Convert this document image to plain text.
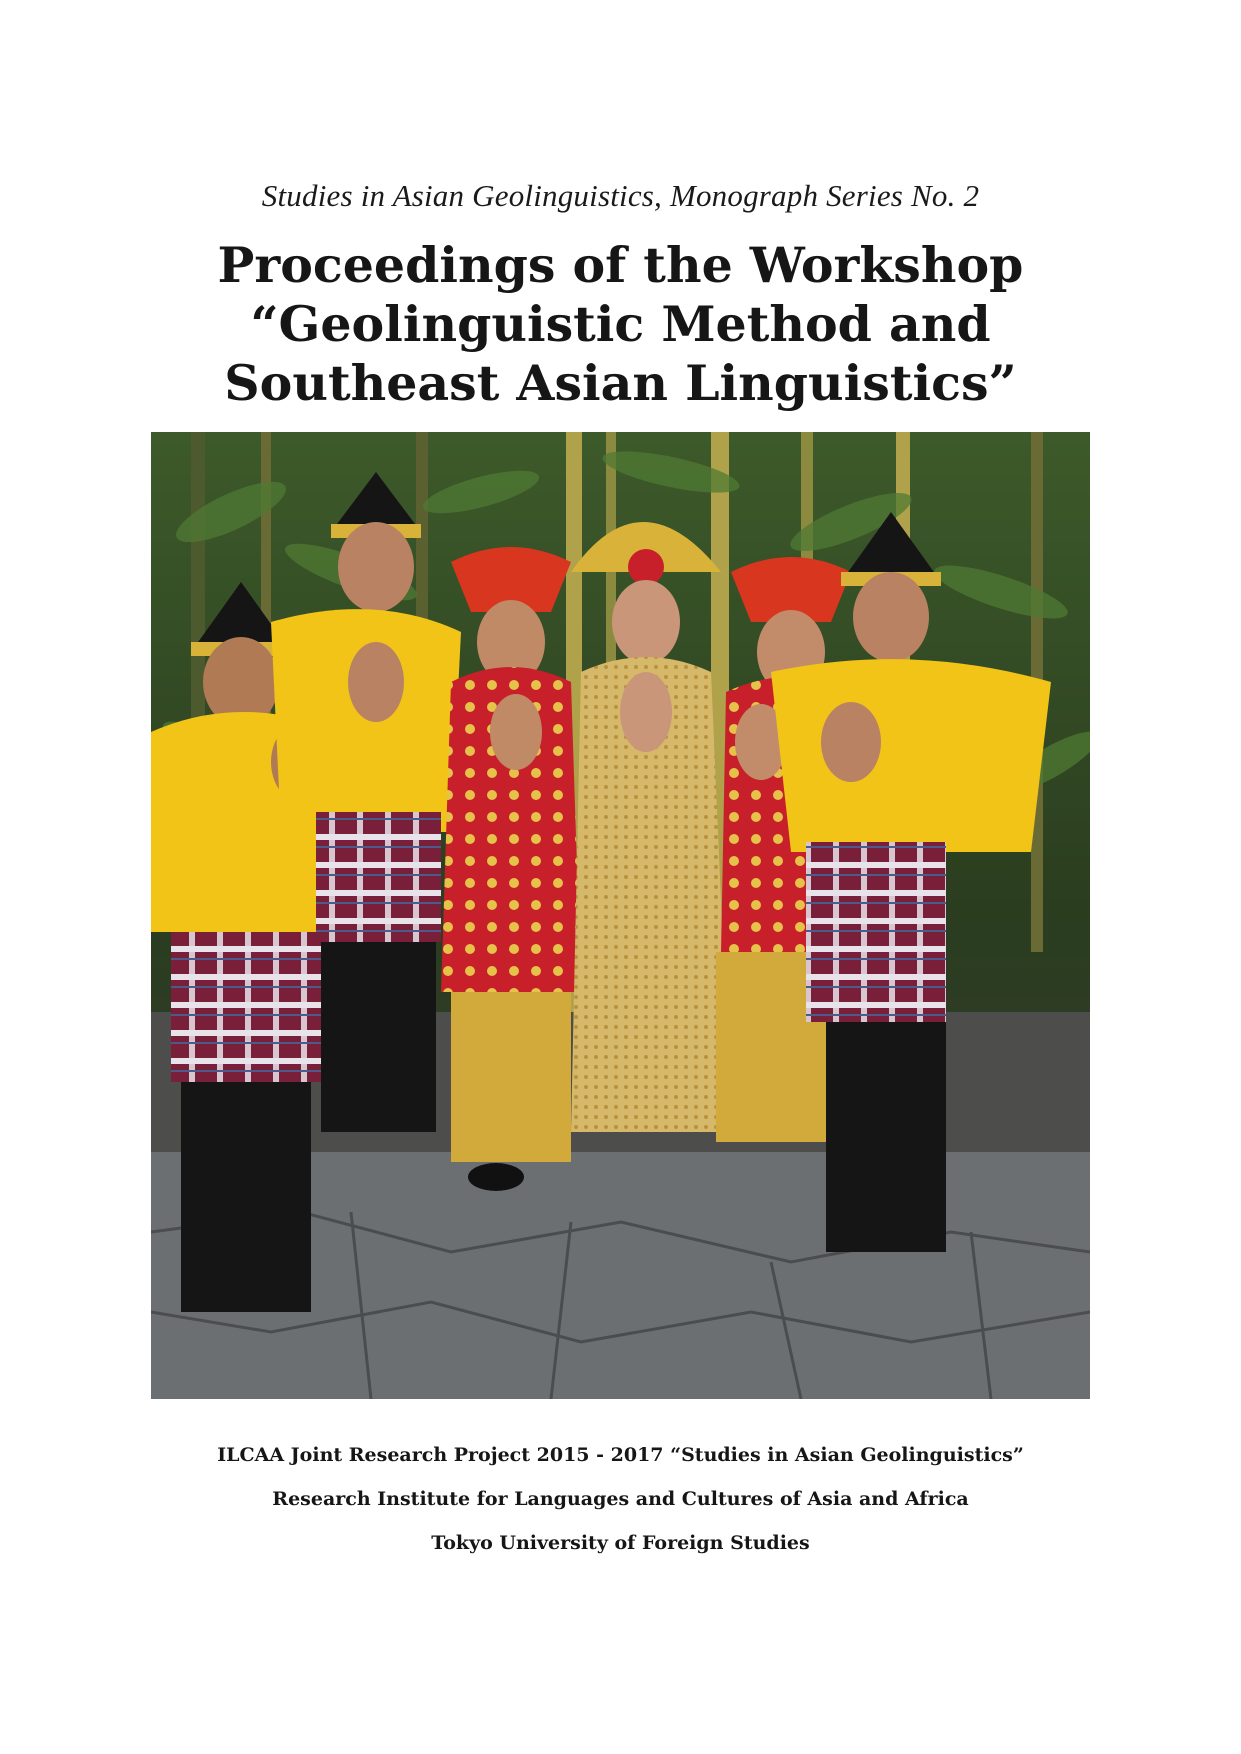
Studies in Asian Geolinguistics, Monograph Series No. 2
Proceedings of the Workshop
“Geolinguistic Method and
Southeast Asian Linguistics”
ILCAA Joint Research Project 2015 - 2017 “Studies in Asian Geolinguistics”
Research Institute for Languages and Cultures of Asia and Africa
Tokyo University of Foreign Studies
